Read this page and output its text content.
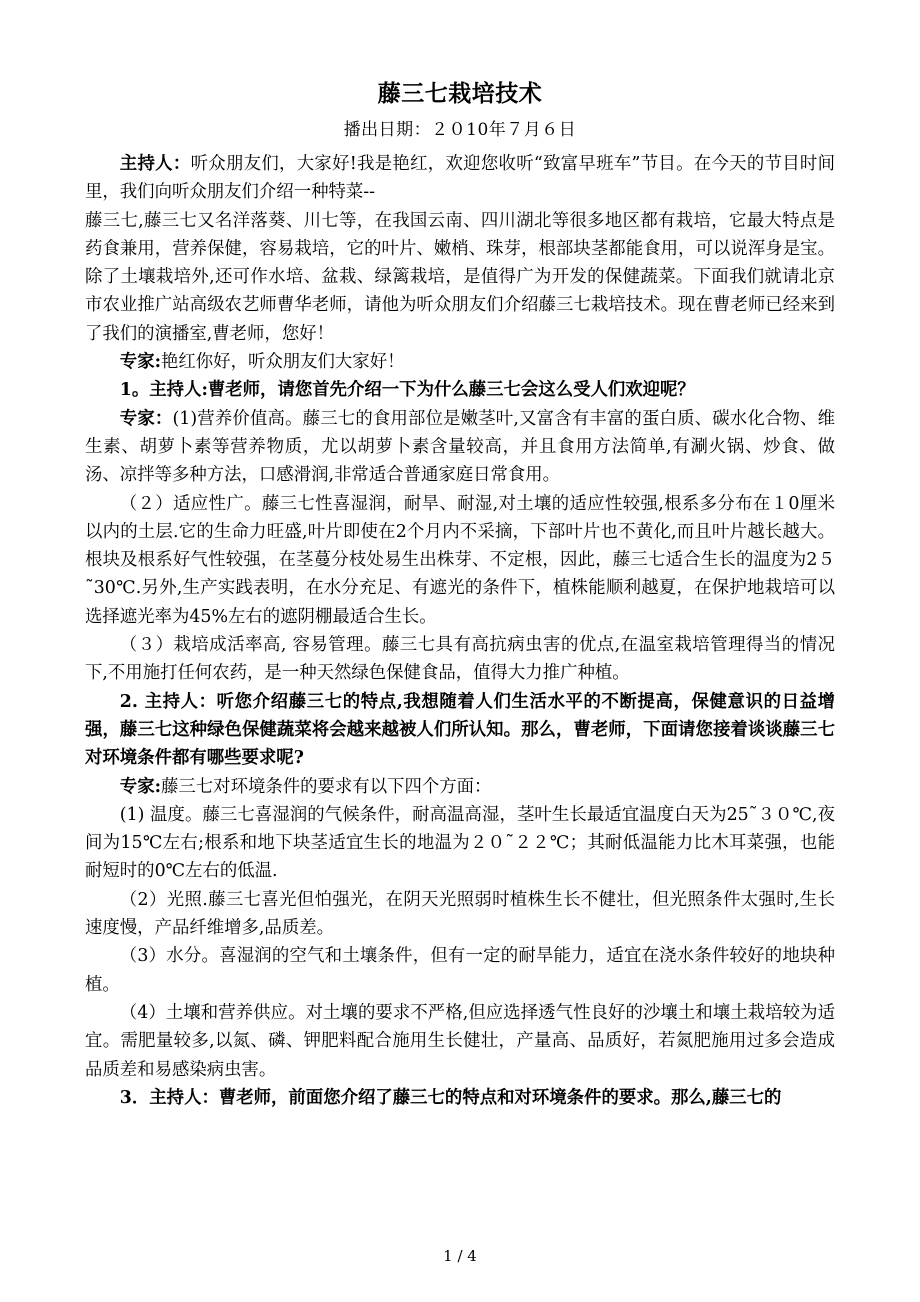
藤三七栽培技术
播出日期：２０10年７月６日

主持人：听众朋友们，大家好!我是艳红，欢迎您收听“致富早班车”节目。在今天的节目时间里，我们向听众朋友们介绍一种特菜--

藤三七,藤三七又名洋落葵、川七等，在我国云南、四川湖北等很多地区都有栽培，它最大特点是药食兼用，营养保健，容易栽培，它的叶片、嫩梢、珠芽，根部块茎都能食用，可以说浑身是宝。除了土壤栽培外,还可作水培、盆栽、绿篱栽培，是值得广为开发的保健蔬菜。下面我们就请北京市农业推广站高级农艺师曹华老师，请他为听众朋友们介绍藤三七栽培技术。现在曹老师已经来到了我们的演播室,曹老师，您好！

专家:艳红你好，听众朋友们大家好！

1。主持人:曹老师，请您首先介绍一下为什么藤三七会这么受人们欢迎呢？

专家：(1)营养价值高。藤三七的食用部位是嫩茎叶,又富含有丰富的蛋白质、碳水化合物、维生素、胡萝卜素等营养物质，尤以胡萝卜素含量较高，并且食用方法简单,有涮火锅、炒食、做汤、凉拌等多种方法，口感滑润,非常适合普通家庭日常食用。

（２）适应性广。藤三七性喜湿润，耐旱、耐湿,对土壤的适应性较强,根系多分布在１0厘米以内的土层.它的生命力旺盛,叶片即使在2个月内不采摘，下部叶片也不黄化,而且叶片越长越大。根块及根系好气性较强，在茎蔓分枝处易生出株芽、不定根，因此，藤三七适合生长的温度为2５˜30℃.另外,生产实践表明，在水分充足、有遮光的条件下，植株能顺利越夏，在保护地栽培可以选择遮光率为45%左右的遮阴棚最适合生长。

（３）栽培成活率高, 容易管理。藤三七具有高抗病虫害的优点,在温室栽培管理得当的情况下,不用施打任何农药，是一种天然绿色保健食品，值得大力推广种植。

2. 主持人：听您介绍藤三七的特点,我想随着人们生活水平的不断提高，保健意识的日益增强，藤三七这种绿色保健蔬菜将会越来越被人们所认知。那么，曹老师，下面请您接着谈谈藤三七对环境条件都有哪些要求呢?

专家:藤三七对环境条件的要求有以下四个方面：

(1) 温度。藤三七喜湿润的气候条件，耐高温高湿，茎叶生长最适宜温度白天为25˜３０℃,夜间为15℃左右;根系和地下块茎适宜生长的地温为２０˜２２℃；其耐低温能力比木耳菜强，也能耐短时的0℃左右的低温.

（2）光照.藤三七喜光但怕强光，在阴天光照弱时植株生长不健壮，但光照条件太强时,生长速度慢，产品纤维增多,品质差。

（3）水分。喜湿润的空气和土壤条件，但有一定的耐旱能力，适宜在浇水条件较好的地块种植。

（4）土壤和营养供应。对土壤的要求不严格,但应选择透气性良好的沙壤土和壤土栽培较为适宜。需肥量较多,以氮、磷、钾肥料配合施用生长健壮，产量高、品质好，若氮肥施用过多会造成品质差和易感染病虫害。

3．主持人：曹老师，前面您介绍了藤三七的特点和对环境条件的要求。那么,藤三七的

1 / 4
